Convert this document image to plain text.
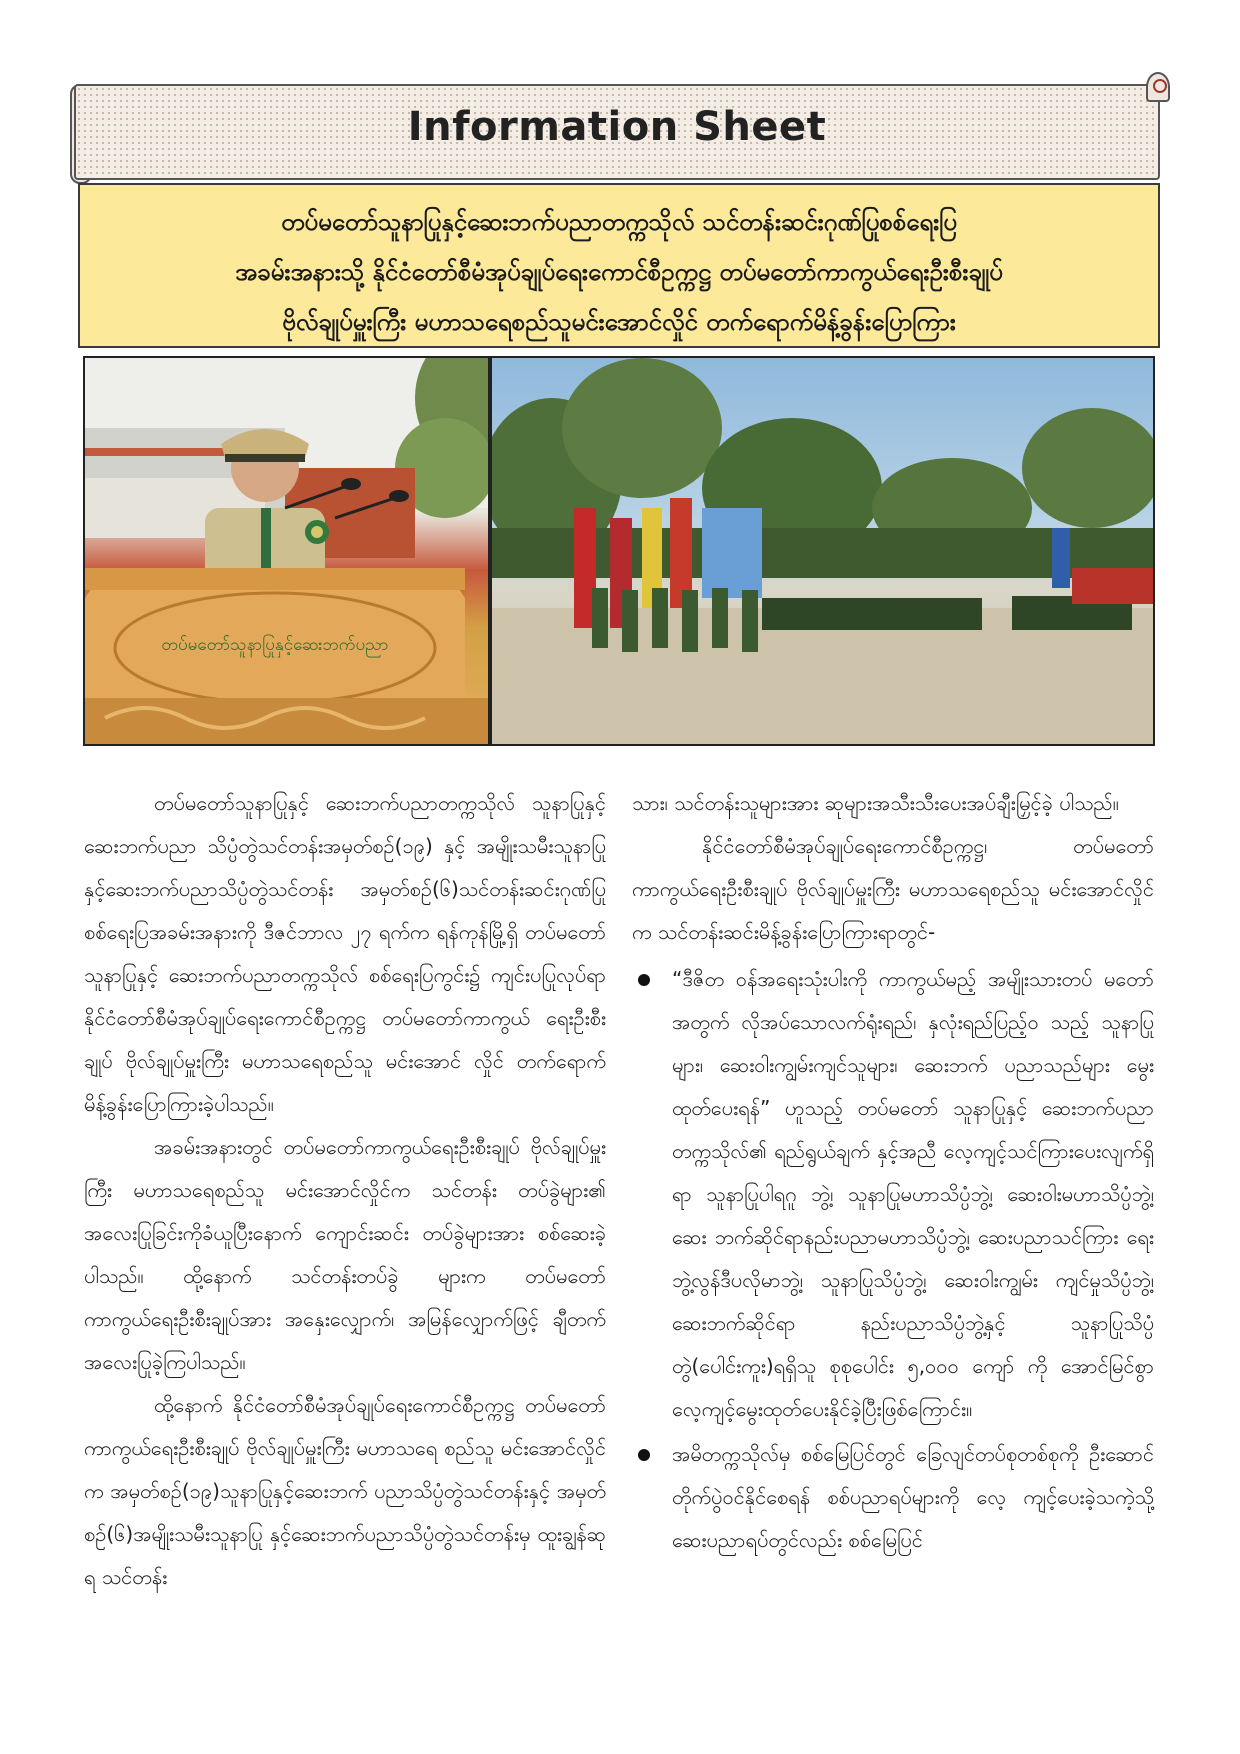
Information Sheet

တပ်မတော်သူနာပြုနှင့်ဆေးဘက်ပညာတက္ကသိုလ် သင်တန်းဆင်းဂုဏ်ပြုစစ်ရေးပြ

အခမ်းအနားသို့ နိုင်ငံတော်စီမံအုပ်ချုပ်ရေးကောင်စီဥက္ကဋ္ဌ တပ်မတော်ကာကွယ်ရေးဦးစီးချုပ်

ဗိုလ်ချုပ်မှူးကြီး မဟာသရေစည်သူမင်းအောင်လှိုင် တက်ရောက်မိန့်ခွန်းပြောကြား

တပ်မတော်သူနာပြုနှင့်ဆေးဘက်ပညာ

တပ်မတော်သူနာပြုနှင့် ဆေးဘက်ပညာတက္ကသိုလ် သူနာပြုနှင့်ဆေးဘက်ပညာ သိပ္ပံတွဲသင်တန်းအမှတ်စဉ်(၁၉) နှင့် အမျိုးသမီးသူနာပြုနှင့်ဆေးဘက်ပညာသိပ္ပံတွဲသင်တန်း အမှတ်စဉ်(၆)သင်တန်းဆင်းဂုဏ်ပြုစစ်ရေးပြအခမ်းအနားကို ဒီဇင်ဘာလ ၂၇ ရက်က ရန်ကုန်မြို့ရှိ တပ်မတော်သူနာပြုနှင့် ဆေးဘက်ပညာတက္ကသိုလ် စစ်ရေးပြကွင်း၌ ကျင်းပပြုလုပ်ရာ နိုင်ငံတော်စီမံအုပ်ချုပ်ရေးကောင်စီဥက္ကဋ္ဌ တပ်မတော်ကာကွယ် ရေးဦးစီးချုပ် ဗိုလ်ချုပ်မှူးကြီး မဟာသရေစည်သူ မင်းအောင် လှိုင် တက်ရောက်မိန့်ခွန်းပြောကြားခဲ့ပါသည်။

အခမ်းအနားတွင် တပ်မတော်ကာကွယ်ရေးဦးစီးချုပ် ဗိုလ်ချုပ်မှူးကြီး မဟာသရေစည်သူ မင်းအောင်လှိုင်က သင်တန်း တပ်ခွဲများ၏ အလေးပြုခြင်းကိုခံယူပြီးနောက် ကျောင်းဆင်း တပ်ခွဲများအား စစ်ဆေးခဲ့ပါသည်။ ထို့နောက် သင်တန်းတပ်ခွဲ များက တပ်မတော်ကာကွယ်ရေးဦးစီးချုပ်အား အနှေးလျှောက်၊ အမြန်လျှောက်ဖြင့် ချီတက်အလေးပြုခဲ့ကြပါသည်။

ထို့နောက် နိုင်ငံတော်စီမံအုပ်ချုပ်ရေးကောင်စီဥက္ကဋ္ဌ တပ်မတော်ကာကွယ်ရေးဦးစီးချုပ် ဗိုလ်ချုပ်မှူးကြီး မဟာသရေ စည်သူ မင်းအောင်လှိုင်က အမှတ်စဉ်(၁၉)သူနာပြုနှင့်ဆေးဘက် ပညာသိပ္ပံတွဲသင်တန်းနှင့် အမှတ်စဉ်(၆)အမျိုးသမီးသူနာပြု နှင့်ဆေးဘက်ပညာသိပ္ပံတွဲသင်တန်းမှ ထူးချွန်ဆုရ သင်တန်း

သား၊ သင်တန်းသူများအား ဆုများအသီးသီးပေးအပ်ချီးမြှင့်ခဲ့ ပါသည်။

နိုင်ငံတော်စီမံအုပ်ချုပ်ရေးကောင်စီဥက္ကဋ္ဌ၊ တပ်မတော် ကာကွယ်ရေးဦးစီးချုပ် ဗိုလ်ချုပ်မှူးကြီး မဟာသရေစည်သူ မင်းအောင်လှိုင်က သင်တန်းဆင်းမိန့်ခွန်းပြောကြားရာတွင်-

“ဒီဇိတ ၀န်အရေးသုံးပါးကို ကာကွယ်မည့် အမျိုးသားတပ် မတော်အတွက် လိုအပ်သောလက်ရုံးရည်၊ နှလုံးရည်ပြည့်ဝ သည့် သူနာပြုများ၊ ဆေးဝါးကျွမ်းကျင်သူများ၊ ဆေးဘက် ပညာသည်များ မွေးထုတ်ပေးရန်” ဟူသည့် တပ်မတော် သူနာပြုနှင့် ဆေးဘက်ပညာတက္ကသိုလ်၏ ရည်ရွယ်ချက် နှင့်အညီ လေ့ကျင့်သင်ကြားပေးလျက်ရှိရာ သူနာပြုပါရဂူ ဘွဲ့၊ သူနာပြုမဟာသိပ္ပံဘွဲ့၊ ဆေးဝါးမဟာသိပ္ပံဘွဲ့၊ ဆေး ဘက်ဆိုင်ရာနည်းပညာမဟာသိပ္ပံဘွဲ့၊ ဆေးပညာသင်ကြား ရေးဘွဲ့လွန်ဒီပလိုမာဘွဲ့၊ သူနာပြုသိပ္ပံဘွဲ့၊ ဆေးဝါးကျွမ်း ကျင်မှုသိပ္ပံဘွဲ့၊ ဆေးဘက်ဆိုင်ရာ နည်းပညာသိပ္ပံဘွဲ့နှင့် သူနာပြုသိပ္ပံတွဲ(ပေါင်းကူး)ရရှိသူ စုစုပေါင်း ၅,၀၀၀ ကျော် ကို အောင်မြင်စွာ လေ့ကျင့်မွေးထုတ်ပေးနိုင်ခဲ့ပြီးဖြစ်ကြောင်း။
အမိတက္ကသိုလ်မှ စစ်မြေပြင်တွင် ခြေလျင်တပ်စုတစ်စုကို ဦးဆောင်တိုက်ပွဲဝင်နိုင်စေရန် စစ်ပညာရပ်များကို လေ့ ကျင့်ပေးခဲ့သကဲ့သို့ ဆေးပညာရပ်တွင်လည်း စစ်မြေပြင်
